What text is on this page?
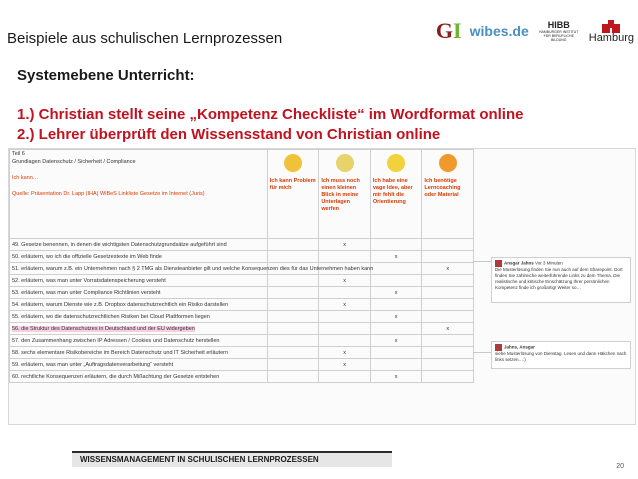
Beispiele aus schulischen Lernprozessen	G I wibes.de HIBB
HAMBURGER INSTITUT FÜR BERUFLICHE BILDUNG	Hamburg
Systemebene Unterricht:
1.) Christian stellt seine „Kompetenz Checkliste“ im Wordformat online
2.) Lehrer überprüft den Wissensstand von Christian online
Teil 6
Grundlagen Datenschutz / Sicherheit / Compliance

Ich kann…

Quelle: Präsentation Dr. Lapp (IHA) WiBeS Linkliste Gesetze im Internet (Juris)	Ich kann Problem für mich	Ich muss noch einen kleinen Blick in meine Unterlagen werfen	Ich habe eine vage Idee, aber mir fehlt die Orientierung	Ich benötige Lerncoaching oder Material

49. Gesetze benennen, in denen die wichtigsten Datenschutzgrundsätze aufgeführt sind		x		
50. erläutern, wo ich die offizielle Gesetzestexte im Web finde			x	
51. erläutern, warum z.B. ein Unternehmen nach § 2 TMG als Diensteanbieter gilt und welche Konsequenzen dies für das Unternehmen haben kann				x
52. erläutern, was man unter Vorratsdatenspeicherung versteht		x		
53. erläutern, was man unter Compliance Richtlinien versteht			x	
54. erläutern, warum Dienste wie z.B. Dropbox datenschutzrechtlich ein Risiko darstellen		x		
55. erläutern, wo die datenschutzrechtlichen Risiken bei Cloud Plattformen liegen			x	
56. die Struktur des Datenschutzes in Deutschland und der EU widergeben				x
57. den Zusammenhang zwischen IP Adressen / Cookies und Datenschutz herstellen			x	
58. sechs elementare Risikobereiche im Bereich Datenschutz und IT Sicherheit erläutern		x		
59. erläutern, was man unter „Auftragsdatenverarbeitung“ versteht		x		
60. rechtliche Konsequenzen erläutern, die durch Mißachtung der Gesetze entstehen			x	
Ansgar Jahns Vor 3 Minuten
Die Musterlösung finden Sie nun auch auf dem Sharepoint. Dort finden Sie zahlreiche weiterführende Links zu dem Thema. Die realistische und kritische Einschätzung Ihrer persönlichen Kompetenz finde ich großartig! Weiter so…
Jahns, Ansgar
siehe Musterlösung von Dienstag. Lesen und dann Häkchen nach links setzen…:)
WISSENSMANAGEMENT IN SCHULISCHEN LERNPROZESSEN
20
